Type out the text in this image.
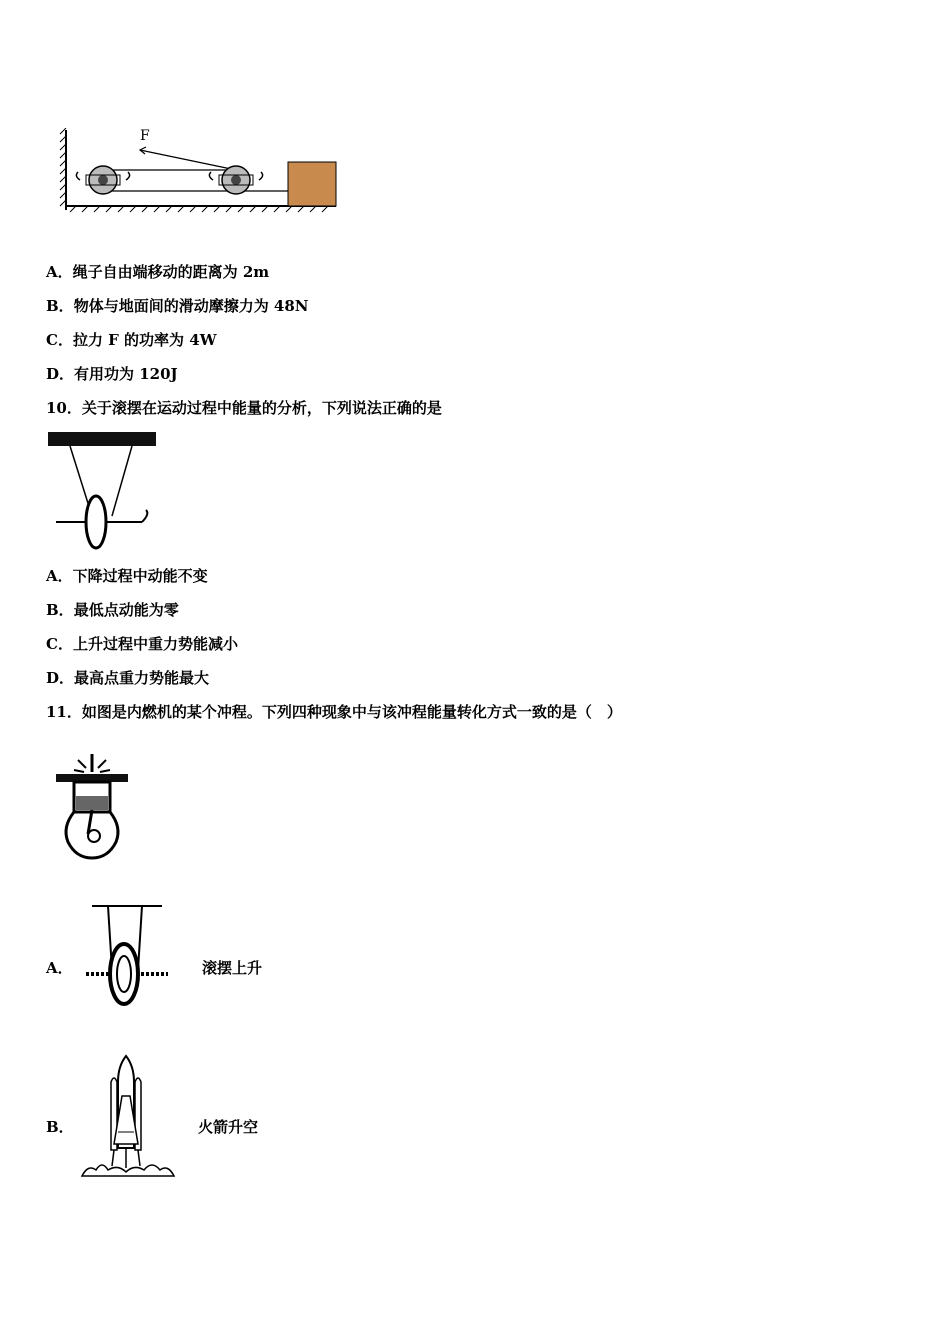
F
A．绳子自由端移动的距离为 2m
B．物体与地面间的滑动摩擦力为 48N
C．拉力 F 的功率为 4W
D．有用功为 120J
10．关于滚摆在运动过程中能量的分析，下列说法正确的是
A．下降过程中动能不变
B．最低点动能为零
C．上升过程中重力势能减小
D．最高点重力势能最大
11．如图是内燃机的某个冲程。下列四种现象中与该冲程能量转化方式一致的是（　）
A．	滚摆上升
B．	火箭升空
